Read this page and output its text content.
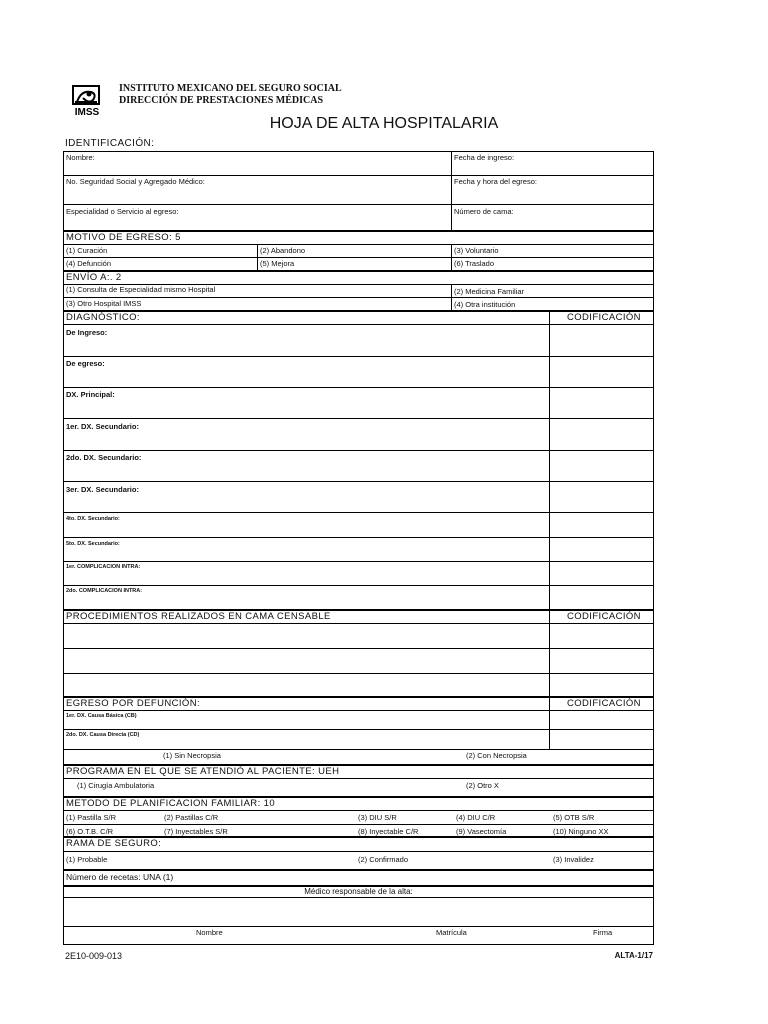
IMSS
INSTITUTO MEXICANO DEL SEGURO SOCIAL
DIRECCIÓN DE PRESTACIONES MÉDICAS
HOJA DE ALTA HOSPITALARIA
IDENTIFICACIÓN:
Nombre:	Fecha de ingreso:
No. Seguridad Social y Agregado Médico:	Fecha y hora del egreso:
Especialidad o Servicio al egreso:	Número de cama:
MOTIVO DE EGRESO: 5
(1) Curación	(2) Abandono	(3) Voluntario
(4) Defunción	(5) Mejora	(6) Traslado
ENVÍO A:. 2
(1) Consulta de Especialidad mismo Hospital	(2) Medicina Familiar
(3) Otro Hospital IMSS	(4) Otra institución
DIAGNÓSTICO:	CODIFICACIÓN
De Ingreso:
De egreso:
DX. Principal:
1er. DX. Secundario:
2do. DX. Secundario:
3er. DX. Secundario:
4to. DX. Secundario:
5to. DX. Secundario:
1er. COMPLICACION INTRA:
2do. COMPLICACION INTRA:
PROCEDIMIENTOS REALIZADOS EN CAMA CENSABLE	CODIFICACIÓN
EGRESO POR DEFUNCIÓN:	CODIFICACIÓN
1er. DX. Causa Básica (CB)
2do. DX. Causa Directa (CD)
(1) Sin Necropsia	(2) Con Necropsia
PROGRAMA EN EL QUE SE ATENDIÓ AL PACIENTE: UEH
(1) Cirugía Ambulatoria	(2) Otro X
METODO DE PLANIFICACION FAMILIAR: 10
(1) Pastilla S/R	(2) Pastillas C/R	(3) DIU S/R	(4) DIU C/R	(5) OTB S/R
(6) O.T.B. C/R	(7) Inyectables S/R	(8) Inyectable C/R	(9) Vasectomía	(10) Ninguno XX
RAMA DE SEGURO:
(1) Probable	(2) Confirmado	(3) Invalidez
Número de recetas: UNA (1)
Médico responsable de la alta:
Nombre	Matrícula	Firma
2E10-009-013	ALTA-1/17
